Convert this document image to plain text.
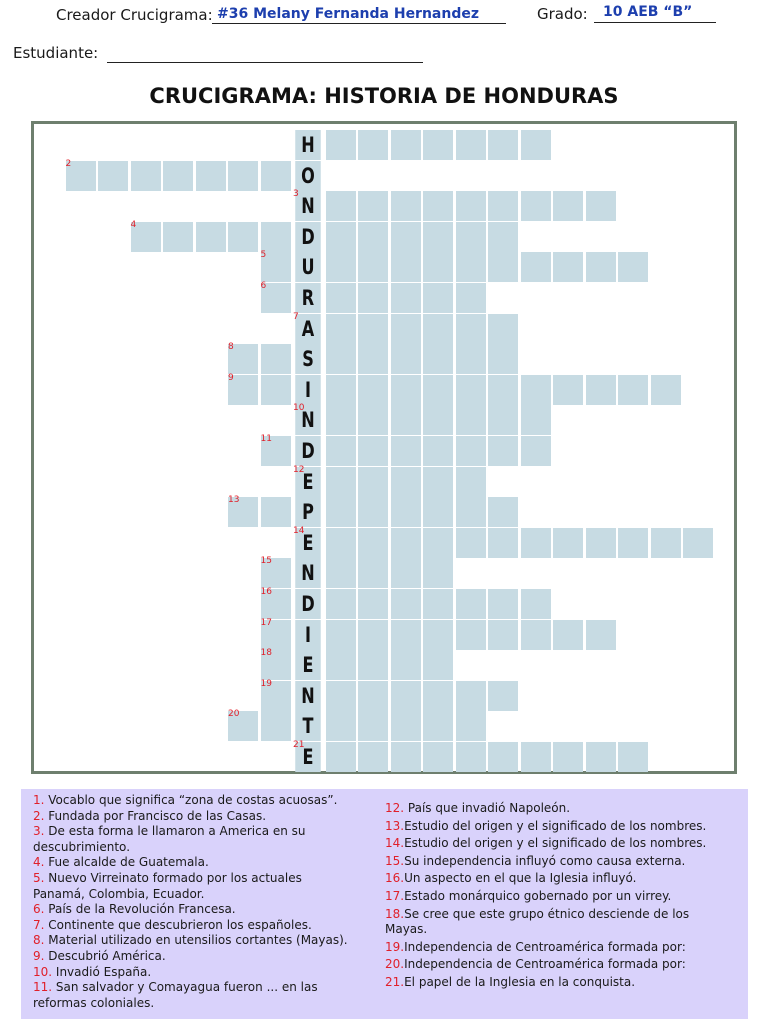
Creador Crucigrama: #36 Melany Fernanda Hernandez	Grado: 10 AEB “B”
Estudiante:
CRUCIGRAMA: HISTORIA DE HONDURAS
H
O
2
N
3
D
4
U
5
R
6
A
7
S
8
I
9
N
10
D
11
E
12
P
13
E
14
N
15
D
16
I
17
E
18
N
19
T
20
E
21
1. Vocablo que significa “zona de costas acuosas”.
2. Fundada por Francisco de las Casas.
3. De esta forma le llamaron a America en su descubrimiento.
4. Fue alcalde de Guatemala.
5. Nuevo Virreinato formado por los actuales Panamá, Colombia, Ecuador.
6. País de la Revolución Francesa.
7. Continente que descubrieron los españoles.
8. Material utilizado en utensilios cortantes (Mayas).
9. Descubrió América.
10. Invadió España.
11. San salvador y Comayagua fueron ... en las reformas coloniales.
12. País que invadió Napoleón.
13.Estudio del origen y el significado de los nombres.
14.Estudio del origen y el significado de los nombres.
15.Su independencia influyó como causa externa.
16.Un aspecto en el que la Iglesia influyó.
17.Estado monárquico gobernado por un virrey.
18.Se cree que este grupo étnico desciende de los Mayas.
19.Independencia de Centroamérica formada por:
20.Independencia de Centroamérica formada por:
21.El papel de la Inglesia en la conquista.
